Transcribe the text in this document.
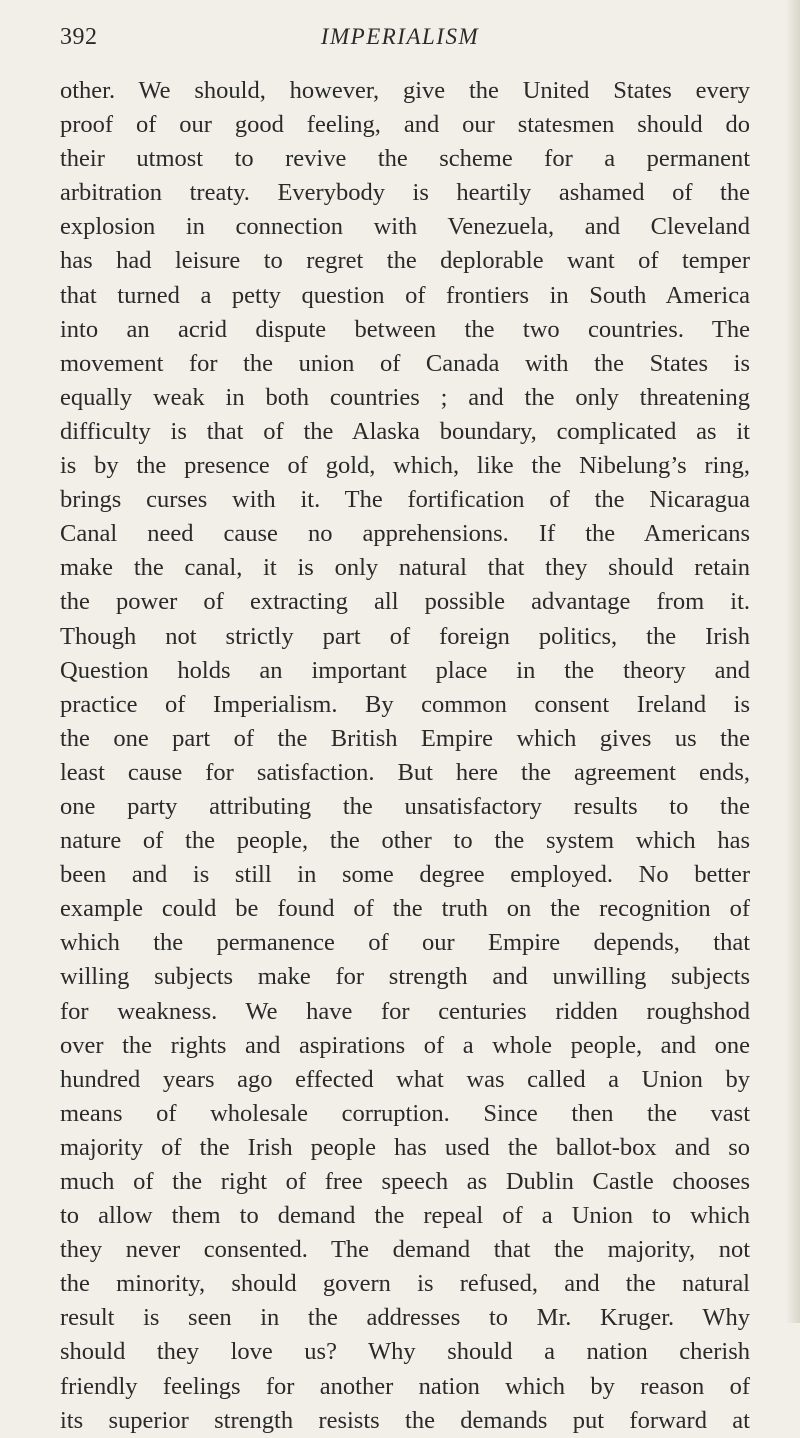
392	IMPERIALISM
other. We should, however, give the United States every
proof of our good feeling, and our statesmen should do
their utmost to revive the scheme for a permanent
arbitration treaty. Everybody is heartily ashamed of the
explosion in connection with Venezuela, and Cleveland
has had leisure to regret the deplorable want of temper
that turned a petty question of frontiers in South America
into an acrid dispute between the two countries. The
movement for the union of Canada with the States is
equally weak in both countries ; and the only threatening
difficulty is that of the Alaska boundary, complicated as it
is by the presence of gold, which, like the Nibelung’s ring,
brings curses with it. The fortification of the Nicaragua
Canal need cause no apprehensions. If the Americans
make the canal, it is only natural that they should retain
the power of extracting all possible advantage from it.
Though not strictly part of foreign politics, the Irish
Question holds an important place in the theory and
practice of Imperialism. By common consent Ireland is
the one part of the British Empire which gives us the
least cause for satisfaction. But here the agreement ends,
one party attributing the unsatisfactory results to the
nature of the people, the other to the system which has
been and is still in some degree employed. No better
example could be found of the truth on the recognition of
which the permanence of our Empire depends, that
willing subjects make for strength and unwilling subjects
for weakness. We have for centuries ridden roughshod
over the rights and aspirations of a whole people, and one
hundred years ago effected what was called a Union by
means of wholesale corruption. Since then the vast
majority of the Irish people has used the ballot-box and so
much of the right of free speech as Dublin Castle chooses
to allow them to demand the repeal of a Union to which
they never consented. The demand that the majority, not
the minority, should govern is refused, and the natural
result is seen in the addresses to Mr. Kruger. Why
should they love us? Why should a nation cherish
friendly feelings for another nation which by reason of
its superior strength resists the demands put forward at
